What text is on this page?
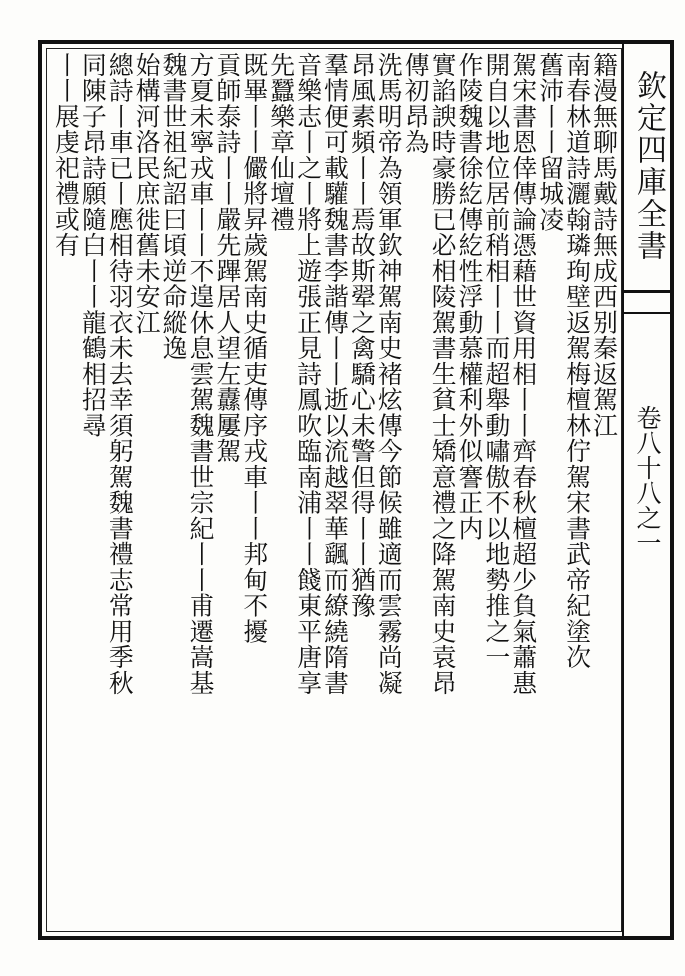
欽定四庫全書
卷八十八之一
籍漫無聊馬戴詩無成西别秦返駕江
南春林道詩灑翰璘珣壁返駕梅檀林佇駕宋書武帝紀塗次
舊沛丨丨留城凌
駕宋書恩倖傳論憑藉世資用相丨丨齊春秋檀超少負氣蕭惠
開自以地位居前稍相丨丨而超舉動嘯傲不以地勢推之一
作陵魏書徐紇傳紇性浮動慕權利外似謇正内
實諂諛時豪勝已必相陵駕書生貧士矯意禮之降駕南史袁昂
傳初昂為
洗馬明帝為領軍欽神駕南史褚炫傳今節候雖適而雲霧尚凝
昂風素頻丨丨焉故斯翚之禽驕心未警但得丨丨猶豫
羣情便可載驩魏書李諧傳丨丨逝以流越翠華颻而繚繞隋書
音樂志丨之丨將上遊張正見詩鳳吹臨南浦丨丨餞東平唐享
先蠶樂章仙壇禮
既畢丨丨儼將昇歲駕南史循吏傳序戎車丨丨邦甸不擾
貢師泰詩丨丨嚴先蹕居人望左纛屢駕
方夏未寧戎車丨丨不遑休息雲駕魏書世宗紀丨丨甫遷嵩基
魏書世祖紀詔曰頃逆命縱逸
始構河洛民庶徙舊未安江
總詩丨車已丨應相待羽衣未去幸須躬駕魏書禮志常用季秋
同陳子昂詩願隨白丨丨龍鶴相招尋
丨丨展虔祀禮或有
